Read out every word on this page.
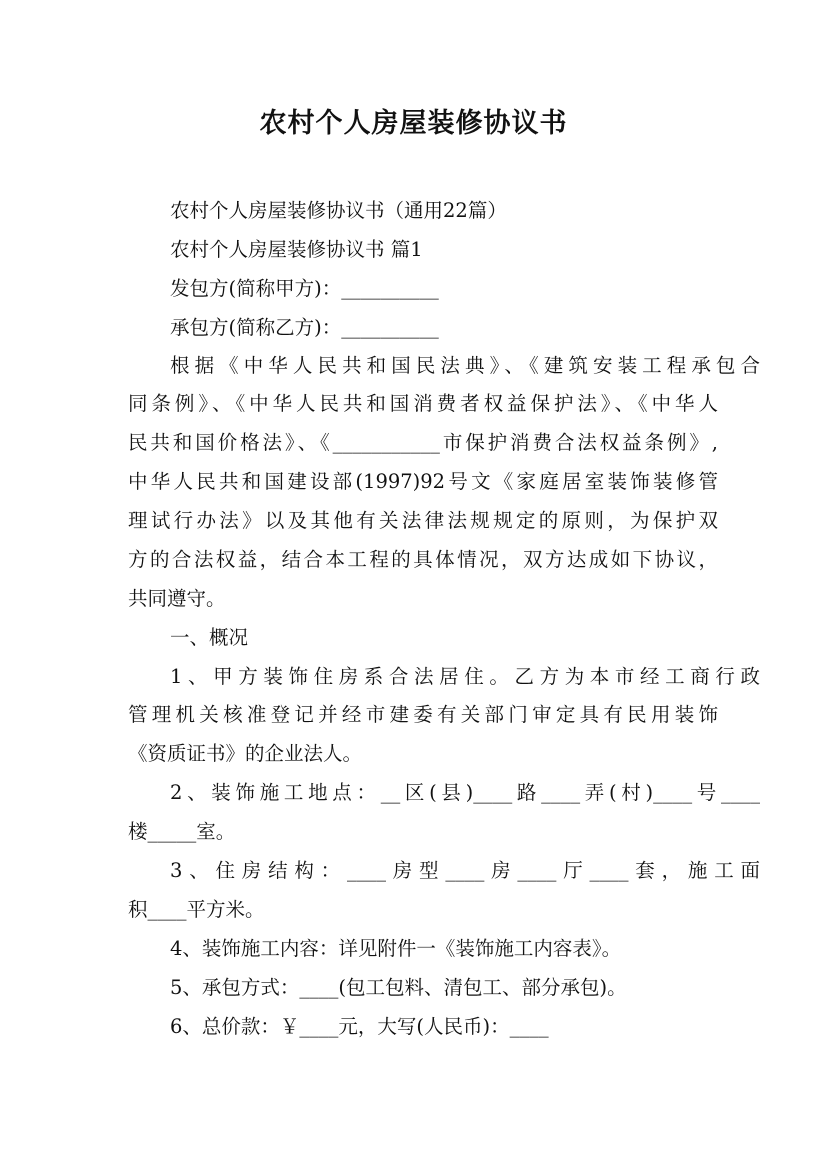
农村个人房屋装修协议书
农村个人房屋装修协议书（通用22篇）
农村个人房屋装修协议书 篇1
发包方(简称甲方)：__________
承包方(简称乙方)：__________
根据《中华人民共和国民法典》、《建筑安装工程承包合
同条例》、《中华人民共和国消费者权益保护法》、《中华人
民共和国价格法》、《___________市保护消费合法权益条例》,
中华人民共和国建设部(1997)92号文《家庭居室装饰装修管
理试行办法》以及其他有关法律法规规定的原则，为保护双
方的合法权益，结合本工程的具体情况，双方达成如下协议，
共同遵守。
一、概况
1、甲方装饰住房系合法居住。乙方为本市经工商行政
管理机关核准登记并经市建委有关部门审定具有民用装饰
《资质证书》的企业法人。
2、装饰施工地点：__区(县)____路____弄(村)____号____
楼_____室。
3、住房结构：____房型____房____厅____套，施工面
积____平方米。
4、装饰施工内容：详见附件一《装饰施工内容表》。
5、承包方式：____(包工包料、清包工、部分承包)。
6、总价款：￥____元，大写(人民币)：____
